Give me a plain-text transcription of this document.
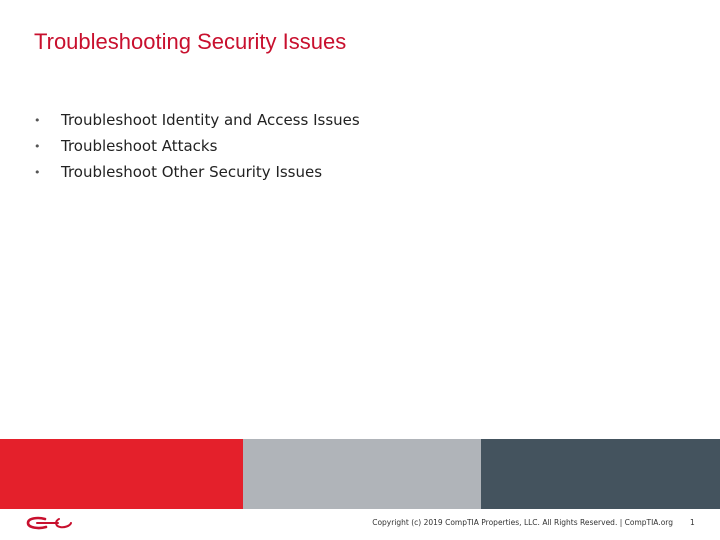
Troubleshooting Security Issues
•	Troubleshoot Identity and Access Issues
•	Troubleshoot Attacks
•	Troubleshoot Other Security Issues
Copyright (c) 2019 CompTIA Properties, LLC. All Rights Reserved. | CompTIA.org 1
